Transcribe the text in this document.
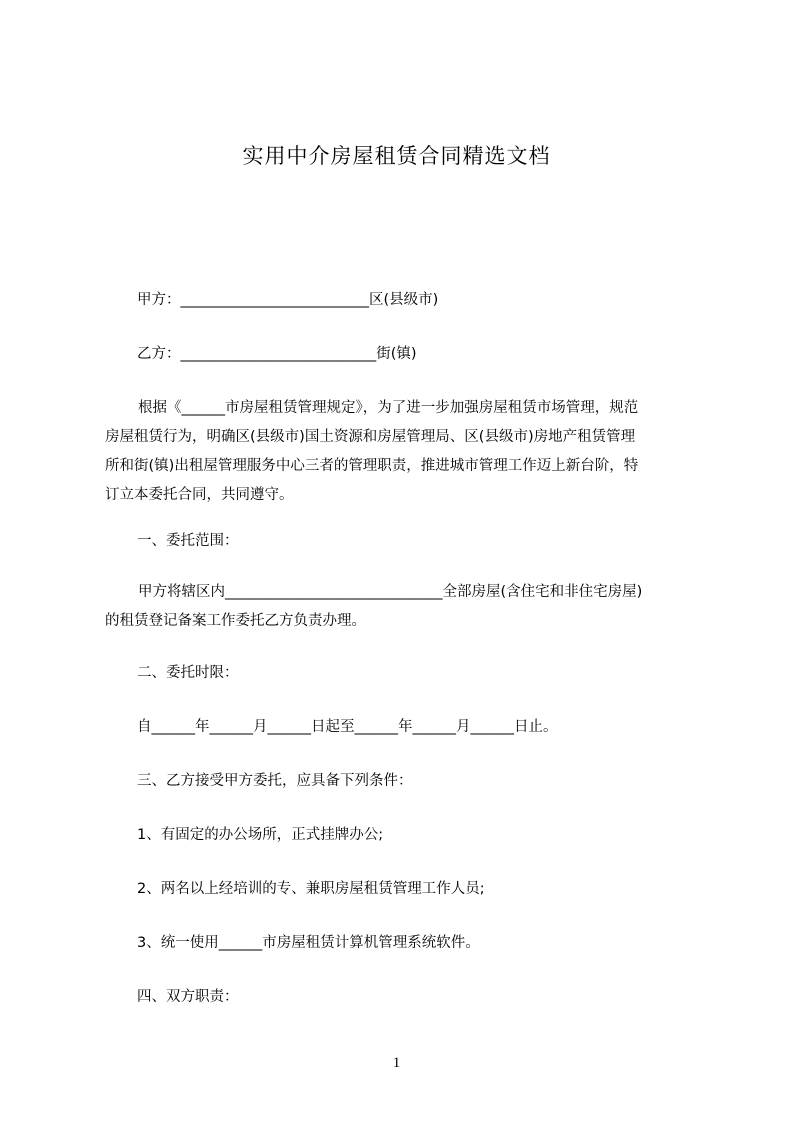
实用中介房屋租赁合同精选文档
甲方：__________________________区(县级市)
乙方：___________________________街(镇)
根据《______市房屋租赁管理规定》，为了进一步加强房屋租赁市场管理，规范
房屋租赁行为，明确区(县级市)国土资源和房屋管理局、区(县级市)房地产租赁管理
所和街(镇)出租屋管理服务中心三者的管理职责，推进城市管理工作迈上新台阶，特
订立本委托合同，共同遵守。
一、委托范围：
甲方将辖区内______________________________全部房屋(含住宅和非住宅房屋)
的租赁登记备案工作委托乙方负责办理。
二、委托时限：
自______年______月______日起至______年______月______日止。
三、乙方接受甲方委托，应具备下列条件：
1、有固定的办公场所，正式挂牌办公;
2、两名以上经培训的专、兼职房屋租赁管理工作人员;
3、统一使用______市房屋租赁计算机管理系统软件。
四、双方职责：
1
